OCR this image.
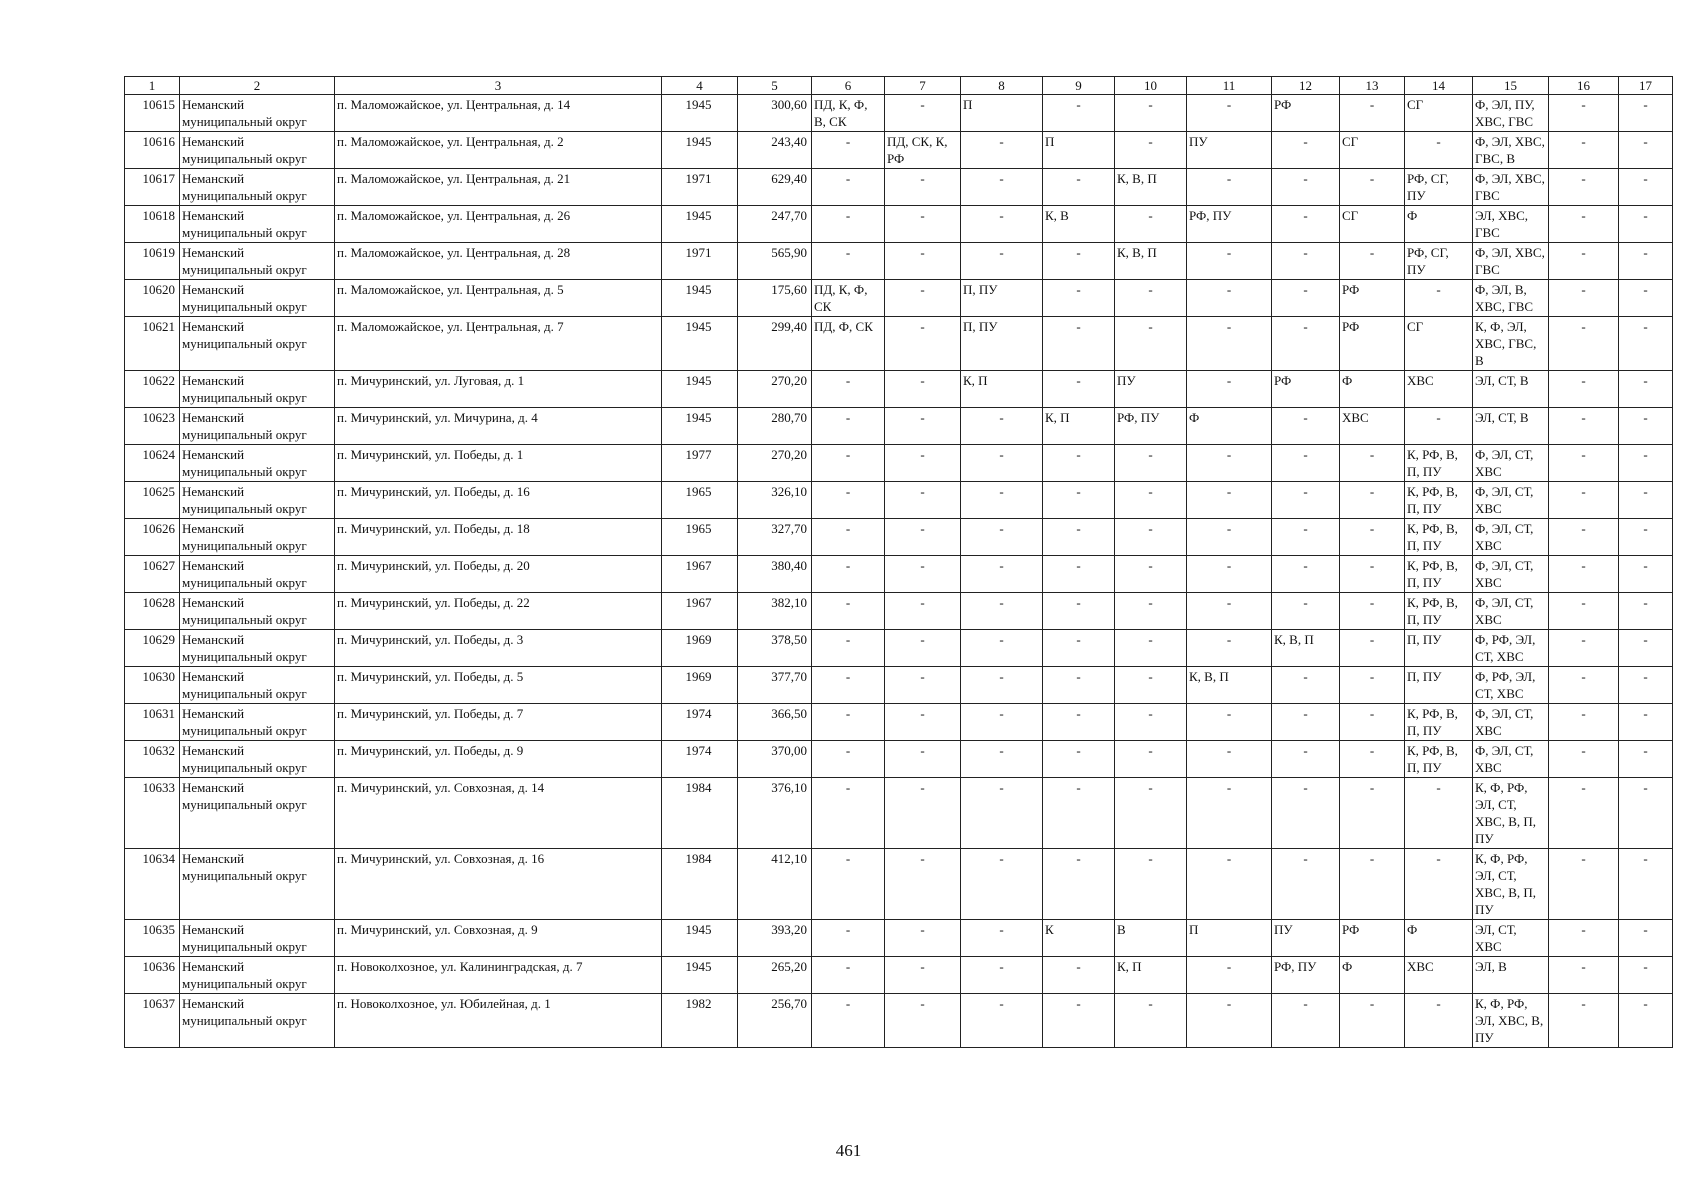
1	2	3	4	5	6	7	8	9	10	11	12	13	14	15	16	17
10615	Неманский муниципальный округ	п. Маломожайское, ул. Центральная, д. 14	1945	300,60	ПД, К, Ф, В, СК	-	П	-	-	-	РФ	-	СГ	Ф, ЭЛ, ПУ, ХВС, ГВС	-	-
10616	Неманский муниципальный округ	п. Маломожайское, ул. Центральная, д. 2	1945	243,40	-	ПД, СК, К, РФ	-	П	-	ПУ	-	СГ	-	Ф, ЭЛ, ХВС, ГВС, В	-	-
10617	Неманский муниципальный округ	п. Маломожайское, ул. Центральная, д. 21	1971	629,40	-	-	-	-	К, В, П	-	-	-	РФ, СГ, ПУ	Ф, ЭЛ, ХВС, ГВС	-	-
10618	Неманский муниципальный округ	п. Маломожайское, ул. Центральная, д. 26	1945	247,70	-	-	-	К, В	-	РФ, ПУ	-	СГ	Ф	ЭЛ, ХВС, ГВС	-	-
10619	Неманский муниципальный округ	п. Маломожайское, ул. Центральная, д. 28	1971	565,90	-	-	-	-	К, В, П	-	-	-	РФ, СГ, ПУ	Ф, ЭЛ, ХВС, ГВС	-	-
10620	Неманский муниципальный округ	п. Маломожайское, ул. Центральная, д. 5	1945	175,60	ПД, К, Ф, СК	-	П, ПУ	-	-	-	-	РФ	-	Ф, ЭЛ, В, ХВС, ГВС	-	-
10621	Неманский муниципальный округ	п. Маломожайское, ул. Центральная, д. 7	1945	299,40	ПД, Ф, СК	-	П, ПУ	-	-	-	-	РФ	СГ	К, Ф, ЭЛ, ХВС, ГВС, В	-	-
10622	Неманский муниципальный округ	п. Мичуринский, ул. Луговая, д. 1	1945	270,20	-	-	К, П	-	ПУ	-	РФ	Ф	ХВС	ЭЛ, СТ, В	-	-
10623	Неманский муниципальный округ	п. Мичуринский, ул. Мичурина, д. 4	1945	280,70	-	-	-	К, П	РФ, ПУ	Ф	-	ХВС	-	ЭЛ, СТ, В	-	-
10624	Неманский муниципальный округ	п. Мичуринский, ул. Победы, д. 1	1977	270,20	-	-	-	-	-	-	-	-	К, РФ, В, П, ПУ	Ф, ЭЛ, СТ, ХВС	-	-
10625	Неманский муниципальный округ	п. Мичуринский, ул. Победы, д. 16	1965	326,10	-	-	-	-	-	-	-	-	К, РФ, В, П, ПУ	Ф, ЭЛ, СТ, ХВС	-	-
10626	Неманский муниципальный округ	п. Мичуринский, ул. Победы, д. 18	1965	327,70	-	-	-	-	-	-	-	-	К, РФ, В, П, ПУ	Ф, ЭЛ, СТ, ХВС	-	-
10627	Неманский муниципальный округ	п. Мичуринский, ул. Победы, д. 20	1967	380,40	-	-	-	-	-	-	-	-	К, РФ, В, П, ПУ	Ф, ЭЛ, СТ, ХВС	-	-
10628	Неманский муниципальный округ	п. Мичуринский, ул. Победы, д. 22	1967	382,10	-	-	-	-	-	-	-	-	К, РФ, В, П, ПУ	Ф, ЭЛ, СТ, ХВС	-	-
10629	Неманский муниципальный округ	п. Мичуринский, ул. Победы, д. 3	1969	378,50	-	-	-	-	-	-	К, В, П	-	П, ПУ	Ф, РФ, ЭЛ, СТ, ХВС	-	-
10630	Неманский муниципальный округ	п. Мичуринский, ул. Победы, д. 5	1969	377,70	-	-	-	-	-	К, В, П	-	-	П, ПУ	Ф, РФ, ЭЛ, СТ, ХВС	-	-
10631	Неманский муниципальный округ	п. Мичуринский, ул. Победы, д. 7	1974	366,50	-	-	-	-	-	-	-	-	К, РФ, В, П, ПУ	Ф, ЭЛ, СТ, ХВС	-	-
10632	Неманский муниципальный округ	п. Мичуринский, ул. Победы, д. 9	1974	370,00	-	-	-	-	-	-	-	-	К, РФ, В, П, ПУ	Ф, ЭЛ, СТ, ХВС	-	-
10633	Неманский муниципальный округ	п. Мичуринский, ул. Совхозная, д. 14	1984	376,10	-	-	-	-	-	-	-	-	-	К, Ф, РФ, ЭЛ, СТ, ХВС, В, П, ПУ	-	-
10634	Неманский муниципальный округ	п. Мичуринский, ул. Совхозная, д. 16	1984	412,10	-	-	-	-	-	-	-	-	-	К, Ф, РФ, ЭЛ, СТ, ХВС, В, П, ПУ	-	-
10635	Неманский муниципальный округ	п. Мичуринский, ул. Совхозная, д. 9	1945	393,20	-	-	-	К	В	П	ПУ	РФ	Ф	ЭЛ, СТ, ХВС	-	-
10636	Неманский муниципальный округ	п. Новоколхозное, ул. Калининградская, д. 7	1945	265,20	-	-	-	-	К, П	-	РФ, ПУ	Ф	ХВС	ЭЛ, В	-	-
10637	Неманский муниципальный округ	п. Новоколхозное, ул. Юбилейная, д. 1	1982	256,70	-	-	-	-	-	-	-	-	-	К, Ф, РФ, ЭЛ, ХВС, В, ПУ	-	-
461
